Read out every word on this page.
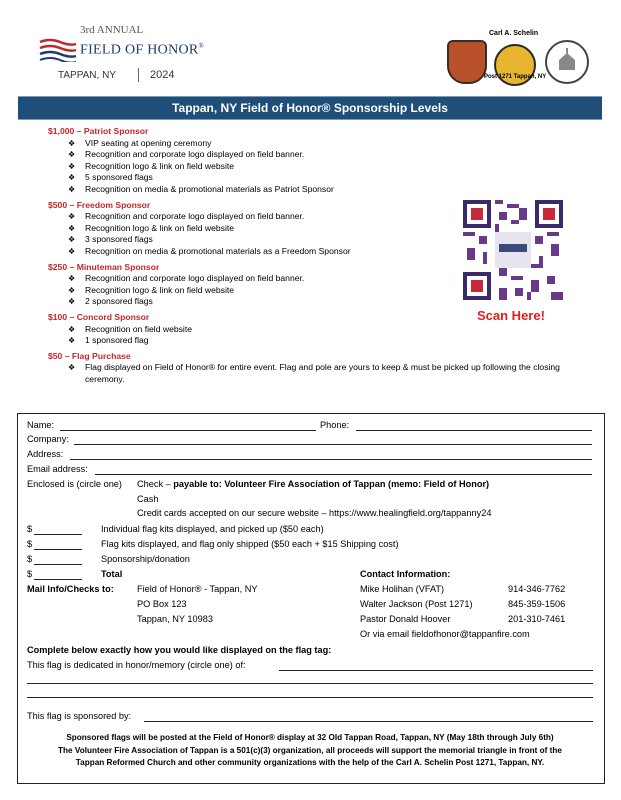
3rd ANNUAL
FIELD OF HONOR®
TAPPAN, NY	2024
Carl A. Schelin
Post 1271 Tappan, NY
Tappan, NY Field of Honor® Sponsorship Levels
$1,000 – Patriot Sponsor
❖ VIP seating at opening ceremony
❖ Recognition and corporate logo displayed on field banner.
❖ Recognition logo & link on field website
❖ 5 sponsored flags
❖ Recognition on media & promotional materials as Patriot Sponsor
$500 – Freedom Sponsor
❖ Recognition and corporate logo displayed on field banner.
❖ Recognition logo & link on field website
❖ 3 sponsored flags
❖ Recognition on media & promotional materials as a Freedom Sponsor
$250 – Minuteman Sponsor
❖ Recognition and corporate logo displayed on field banner.
❖ Recognition logo & link on field website
❖ 2 sponsored flags
$100 – Concord Sponsor
❖ Recognition on field website
❖ 1 sponsored flag
$50 – Flag Purchase
❖ Flag displayed on Field of Honor® for entire event. Flag and pole are yours to keep & must be picked up following the closing ceremony.
Scan Here!
Name:	Phone:
Company:
Address:
Email address:
Enclosed is (circle one) Check – payable to: Volunteer Fire Association of Tappan (memo: Field of Honor)
Cash
Credit cards accepted on our secure website – https://www.healingfield.org/tappanny24
$	Individual flag kits displayed, and picked up ($50 each)
$	Flag kits displayed, and flag only shipped ($50 each + $15 Shipping cost)
$	Sponsorship/donation
$	Total	Contact Information:
Mail Info/Checks to:	Field of Honor® - Tappan, NY
PO Box 123
Tappan, NY 10983
Mike Holihan (VFAT)	914-346-7762
Walter Jackson (Post 1271)	845-359-1506
Pastor Donald Hoover	201-310-7461
Or via email fieldofhonor@tappanfire.com
Complete below exactly how you would like displayed on the flag tag:
This flag is dedicated in honor/memory (circle one) of:
This flag is sponsored by:
Sponsored flags will be posted at the Field of Honor® display at 32 Old Tappan Road, Tappan, NY (May 18th through July 6th)
The Volunteer Fire Association of Tappan is a 501(c)(3) organization, all proceeds will support the memorial triangle in front of the
Tappan Reformed Church and other community organizations with the help of the Carl A. Schelin Post 1271, Tappan, NY.
